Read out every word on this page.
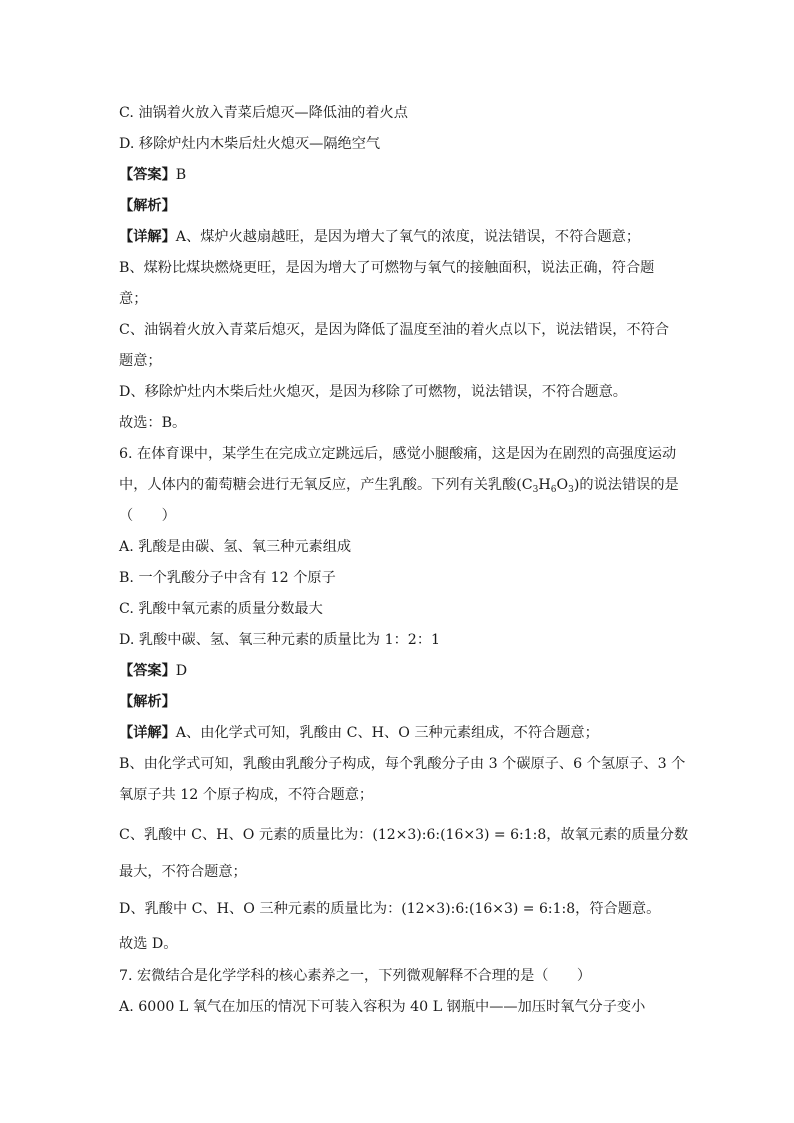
C. 油锅着火放入青菜后熄灭—降低油的着火点
D. 移除炉灶内木柴后灶火熄灭—隔绝空气
【答案】B
【解析】
【详解】A、煤炉火越扇越旺，是因为增大了氧气的浓度，说法错误，不符合题意；
B、煤粉比煤块燃烧更旺，是因为增大了可燃物与氧气的接触面积，说法正确，符合题
意；
C、油锅着火放入青菜后熄灭，是因为降低了温度至油的着火点以下，说法错误，不符合
题意；
D、移除炉灶内木柴后灶火熄灭，是因为移除了可燃物，说法错误，不符合题意。
故选：B。
6. 在体育课中，某学生在完成立定跳远后，感觉小腿酸痛，这是因为在剧烈的高强度运动
中，人体内的葡萄糖会进行无氧反应，产生乳酸。下列有关乳酸$(C_3H_6O_3)$的说法错误的是
（　　）
A. 乳酸是由碳、氢、氧三种元素组成
B. 一个乳酸分子中含有 12 个原子
C. 乳酸中氧元素的质量分数最大
D. 乳酸中碳、氢、氧三种元素的质量比为 1：2：1
【答案】D
【解析】
【详解】A、由化学式可知，乳酸由 C、H、O 三种元素组成，不符合题意；
B、由化学式可知，乳酸由乳酸分子构成，每个乳酸分子由 3 个碳原子、6 个氢原子、3 个
氧原子共 12 个原子构成，不符合题意；
C、乳酸中 C、H、O 元素的质量比为：(12×3):6:(16×3) = 6:1:8，故氧元素的质量分数
最大，不符合题意；
D、乳酸中 C、H、O 三种元素的质量比为：(12×3):6:(16×3) = 6:1:8，符合题意。
故选 D。
7. 宏微结合是化学学科的核心素养之一，下列微观解释不合理的是（　　）
A. 6000 L 氧气在加压的情况下可装入容积为 40 L 钢瓶中——加压时氧气分子变小
